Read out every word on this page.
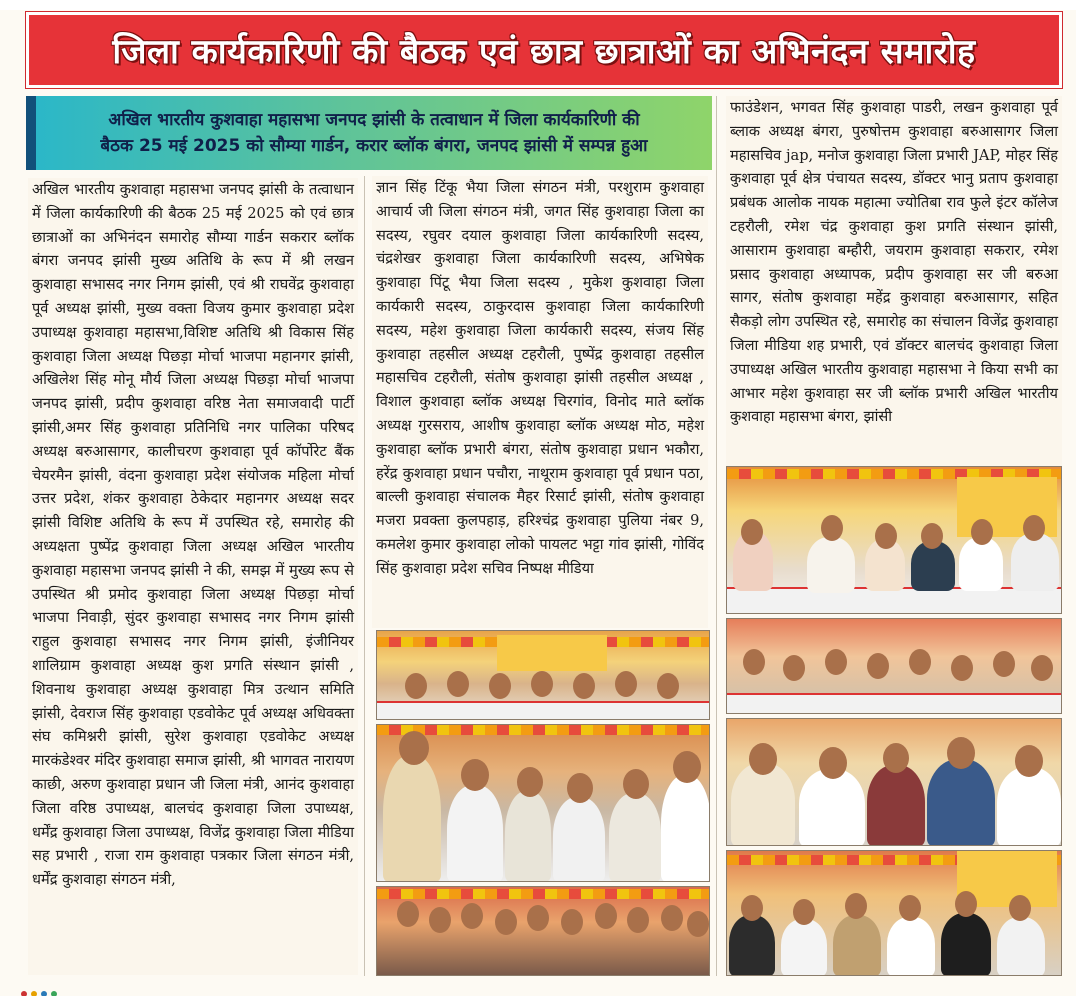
जिला कार्यकारिणी की बैठक एवं छात्र छात्राओं का अभिनंदन समारोह
अखिल भारतीय कुशवाहा महासभा जनपद झांसी के तत्वाधान में जिला कार्यकारिणी की
बैठक 25 मई 2025 को सौम्या गार्डन, करार ब्लॉक बंगरा, जनपद झांसी में सम्पन्न हुआ
अखिल भारतीय कुशवाहा महासभा जनपद झांसी के तत्वाधान में जिला कार्यकारिणी की बैठक 25 मई 2025 को एवं छात्र छात्राओं का अभिनंदन समारोह सौम्या गार्डन सकरार ब्लॉक बंगरा जनपद झांसी मुख्य अतिथि के रूप में श्री लखन कुशवाहा सभासद नगर निगम झांसी, एवं श्री राघवेंद्र कुशवाहा पूर्व अध्यक्ष झांसी, मुख्य वक्ता विजय कुमार कुशवाहा प्रदेश उपाध्यक्ष कुशवाहा महासभा,विशिष्ट अतिथि श्री विकास सिंह कुशवाहा जिला अध्यक्ष पिछड़ा मोर्चा भाजपा महानगर झांसी, अखिलेश सिंह मोनू मौर्य जिला अध्यक्ष पिछड़ा मोर्चा भाजपा जनपद झांसी, प्रदीप कुशवाहा वरिष्ठ नेता समाजवादी पार्टी झांसी,अमर सिंह कुशवाहा प्रतिनिधि नगर पालिका परिषद अध्यक्ष बरुआसागर, कालीचरण कुशवाहा पूर्व कॉर्पोरेट बैंक चेयरमैन झांसी, वंदना कुशवाहा प्रदेश संयोजक महिला मोर्चा उत्तर प्रदेश, शंकर कुशवाहा ठेकेदार महानगर अध्यक्ष सदर झांसी विशिष्ट अतिथि के रूप में उपस्थित रहे, समारोह की अध्यक्षता पुष्पेंद्र कुशवाहा जिला अध्यक्ष अखिल भारतीय कुशवाहा महासभा जनपद झांसी ने की, समझ में मुख्य रूप से उपस्थित श्री प्रमोद कुशवाहा जिला अध्यक्ष पिछड़ा मोर्चा भाजपा निवाड़ी, सुंदर कुशवाहा सभासद नगर निगम झांसी राहुल कुशवाहा सभासद नगर निगम झांसी, इंजीनियर शालिग्राम कुशवाहा अध्यक्ष कुश प्रगति संस्थान झांसी , शिवनाथ कुशवाहा अध्यक्ष कुशवाहा मित्र उत्थान समिति झांसी, देवराज सिंह कुशवाहा एडवोकेट पूर्व अध्यक्ष अधिवक्ता संघ कमिश्नरी झांसी, सुरेश कुशवाहा एडवोकेट अध्यक्ष मारकंडेश्वर मंदिर कुशवाहा समाज झांसी, श्री भागवत नारायण काछी, अरुण कुशवाहा प्रधान जी जिला मंत्री, आनंद कुशवाहा जिला वरिष्ठ उपाध्यक्ष, बालचंद कुशवाहा जिला उपाध्यक्ष, धर्मेंद्र कुशवाहा जिला उपाध्यक्ष, विजेंद्र कुशवाहा जिला मीडिया सह प्रभारी , राजा राम कुशवाहा पत्रकार जिला संगठन मंत्री, धर्मेंद्र कुशवाहा संगठन मंत्री,
ज्ञान सिंह टिंकू भैया जिला संगठन मंत्री, परशुराम कुशवाहा आचार्य जी जिला संगठन मंत्री, जगत सिंह कुशवाहा जिला का सदस्य, रघुवर दयाल कुशवाहा जिला कार्यकारिणी सदस्य, चंद्रशेखर कुशवाहा जिला कार्यकारिणी सदस्य, अभिषेक कुशवाहा पिंटू भैया जिला सदस्य , मुकेश कुशवाहा जिला कार्यकारी सदस्य, ठाकुरदास कुशवाहा जिला कार्यकारिणी सदस्य, महेश कुशवाहा जिला कार्यकारी सदस्य, संजय सिंह कुशवाहा तहसील अध्यक्ष टहरौली, पुष्पेंद्र कुशवाहा तहसील महासचिव टहरौली, संतोष कुशवाहा झांसी तहसील अध्यक्ष , विशाल कुशवाहा ब्लॉक अध्यक्ष चिरगांव, विनोद माते ब्लॉक अध्यक्ष गुरसराय, आशीष कुशवाहा ब्लॉक अध्यक्ष मोठ, महेश कुशवाहा ब्लॉक प्रभारी बंगरा, संतोष कुशवाहा प्रधान भकौरा, हरेंद्र कुशवाहा प्रधान पचौरा, नाथूराम कुशवाहा पूर्व प्रधान पठा, बाल्ली कुशवाहा संचालक मैहर रिसार्ट झांसी, संतोष कुशवाहा मजरा प्रवक्ता कुलपहाड़, हरिश्चंद्र कुशवाहा पुलिया नंबर 9, कमलेश कुमार कुशवाहा लोको पायलट भट्टा गांव झांसी, गोविंद सिंह कुशवाहा प्रदेश सचिव निष्पक्ष मीडिया
फाउंडेशन, भगवत सिंह कुशवाहा पाडरी, लखन कुशवाहा पूर्व ब्लाक अध्यक्ष बंगरा, पुरुषोत्तम कुशवाहा बरुआसागर जिला महासचिव jap, मनोज कुशवाहा जिला प्रभारी JAP, मोहर सिंह कुशवाहा पूर्व क्षेत्र पंचायत सदस्य, डॉक्टर भानु प्रताप कुशवाहा प्रबंधक आलोक नायक महात्मा ज्योतिबा राव फुले इंटर कॉलेज टहरौली, रमेश चंद्र कुशवाहा कुश प्रगति संस्थान झांसी, आसाराम कुशवाहा बम्हौरी, जयराम कुशवाहा सकरार, रमेश प्रसाद कुशवाहा अध्यापक, प्रदीप कुशवाहा सर जी बरुआ सागर, संतोष कुशवाहा महेंद्र कुशवाहा बरुआसागर, सहित सैकड़ो लोग उपस्थित रहे, समारोह का संचालन विजेंद्र कुशवाहा जिला मीडिया शह प्रभारी, एवं डॉक्टर बालचंद कुशवाहा जिला उपाध्यक्ष अखिल भारतीय कुशवाहा महासभा ने किया सभी का आभार महेश कुशवाहा सर जी ब्लॉक प्रभारी अखिल भारतीय कुशवाहा महासभा बंगरा, झांसी
